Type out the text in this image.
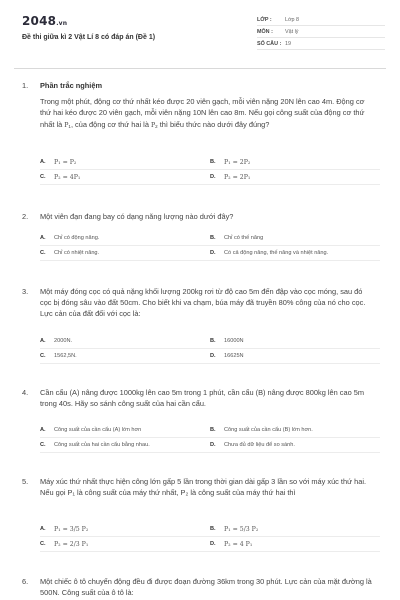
2048.vn
Đề thi giữa kì 2 Vật Lí 8 có đáp án (Đề 1)
LỚP :	Lớp 8
MÔN :	Vật lý
SỐ CÂU : 19
1.	Phần trắc nghiệm
Trong một phút, động cơ thứ nhất kéo được 20 viên gạch, mỗi viên nặng 20N lên cao 4m. Động cơ thứ hai kéo được 20 viên gạch, mỗi viên nặng 10N lên cao 8m. Nếu gọi công suất của động cơ thứ nhất là P1, của động cơ thứ hai là P2 thì biểu thức nào dưới đây đúng?
A.	P₁ = P₂	B.	P₁ = 2P₂
C.	P₂ = 4P₁	D.	P₂ = 2P₁
2.	Một viên đạn đang bay có dạng năng lượng nào dưới đây?
A.	Chỉ có động năng.	B.	Chỉ có thế năng
C.	Chỉ có nhiệt năng.	D.	Có cả động năng, thế năng và nhiệt năng.
3.	Một máy đóng cọc có quả nặng khối lượng 200kg rơi từ độ cao 5m đến đập vào cọc móng, sau đó cọc bị đóng sâu vào đất 50cm. Cho biết khi va chạm, búa máy đã truyền 80% công của nó cho cọc. Lực cản của đất đối với cọc là:
A.	2000N.	B.	16000N
C.	1562,5N.	D.	16625N
4.	Cần cẩu (A) nâng được 1000kg lên cao 5m trong 1 phút, cần cẩu (B) nâng được 800kg lên cao 5m trong 40s. Hãy so sánh công suất của hai cần cẩu.
A.	Công suất của cần cẩu (A) lớn hơn	B.	Công suất của cần cẩu (B) lớn hơn.
C.	Công suất của hai cần cẩu bằng nhau.	D.	Chưa đủ dữ liệu để so sánh.
5.	Máy xúc thứ nhất thực hiện công lớn gấp 5 lần trong thời gian dài gấp 3 lần so với máy xúc thứ hai. Nếu gọi P₁ là công suất của máy thứ nhất, P₂ là công suất của máy thứ hai thì
A.	P₁ = 3/5 P₂	B.	P₁ = 5/3 P₂
C.	P₂ = 2/3 P₁	D.	P₂ = 4 P₁
6.	Một chiếc ô tô chuyển động đều đi được đoạn đường 36km trong 30 phút. Lực cản của mặt đường là 500N. Công suất của ô tô là:
